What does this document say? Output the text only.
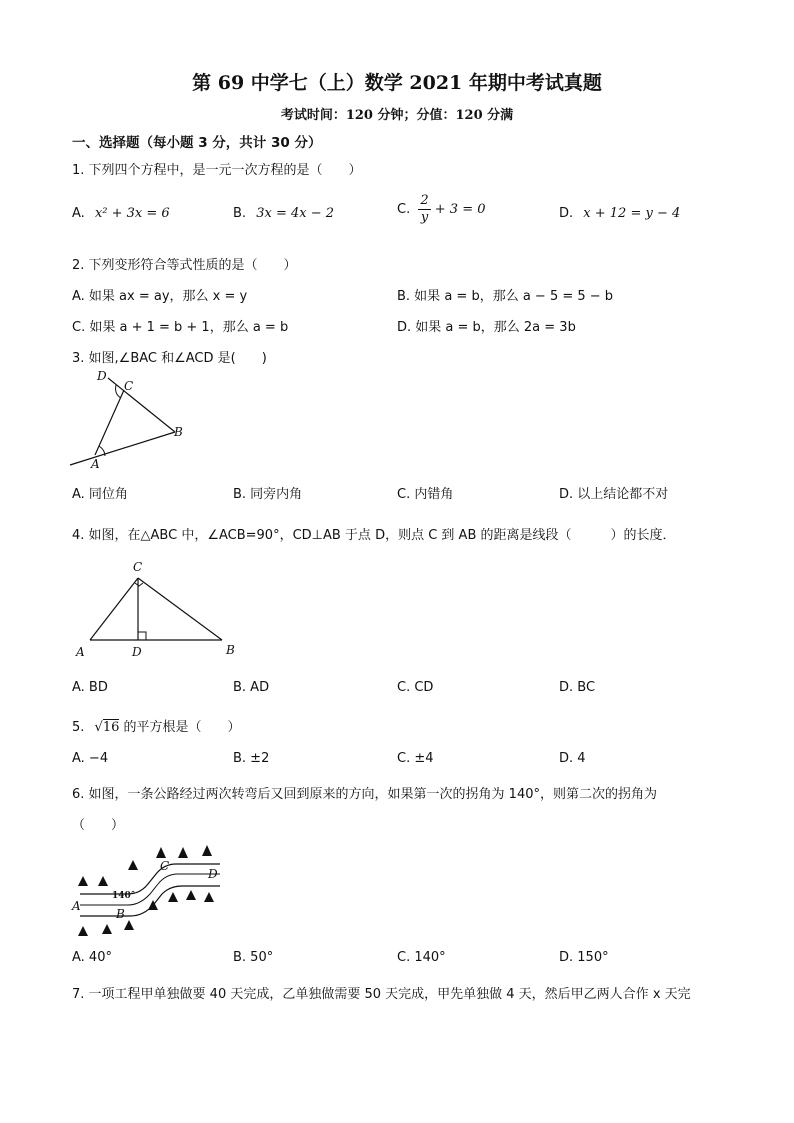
第 69 中学七（上）数学 2021 年期中考试真题
考试时间：120 分钟；分值：120 分满
一、选择题（每小题 3 分，共计 30 分）
1. 下列四个方程中，是一元一次方程的是（　　）
A. x² + 3x = 6	B. 3x = 4x − 2	C. $\frac{2}{y} + 3 = 0$	D. x + 12 = y − 4
2. 下列变形符合等式性质的是（　　）
A. 如果 ax = ay，那么 x = y	B. 如果 a = b，那么 a − 5 = 5 − b
C. 如果 a + 1 = b + 1，那么 a = b	D. 如果 a = b，那么 2a = 3b
3. 如图,∠BAC 和∠ACD 是(　　)
D
C
B
A
A. 同位角	B. 同旁内角	C. 内错角	D. 以上结论都不对
4. 如图，在△ABC 中，∠ACB=90°，CD⊥AB 于点 D，则点 C 到 AB 的距离是线段（　　　）的长度．
C
A	D	B
A. BD	B. AD	C. CD	D. BC
5. √16 的平方根是（　　）
A. −4	B. ±2	C. ±4	D. 4
6. 如图，一条公路经过两次转弯后又回到原来的方向，如果第一次的拐角为 140°，则第二次的拐角为
（　　）
140°
A
B
C
D
A. 40°	B. 50°	C. 140°	D. 150°
7. 一项工程甲单独做要 40 天完成，乙单独做需要 50 天完成，甲先单独做 4 天，然后甲乙两人合作 x 天完
